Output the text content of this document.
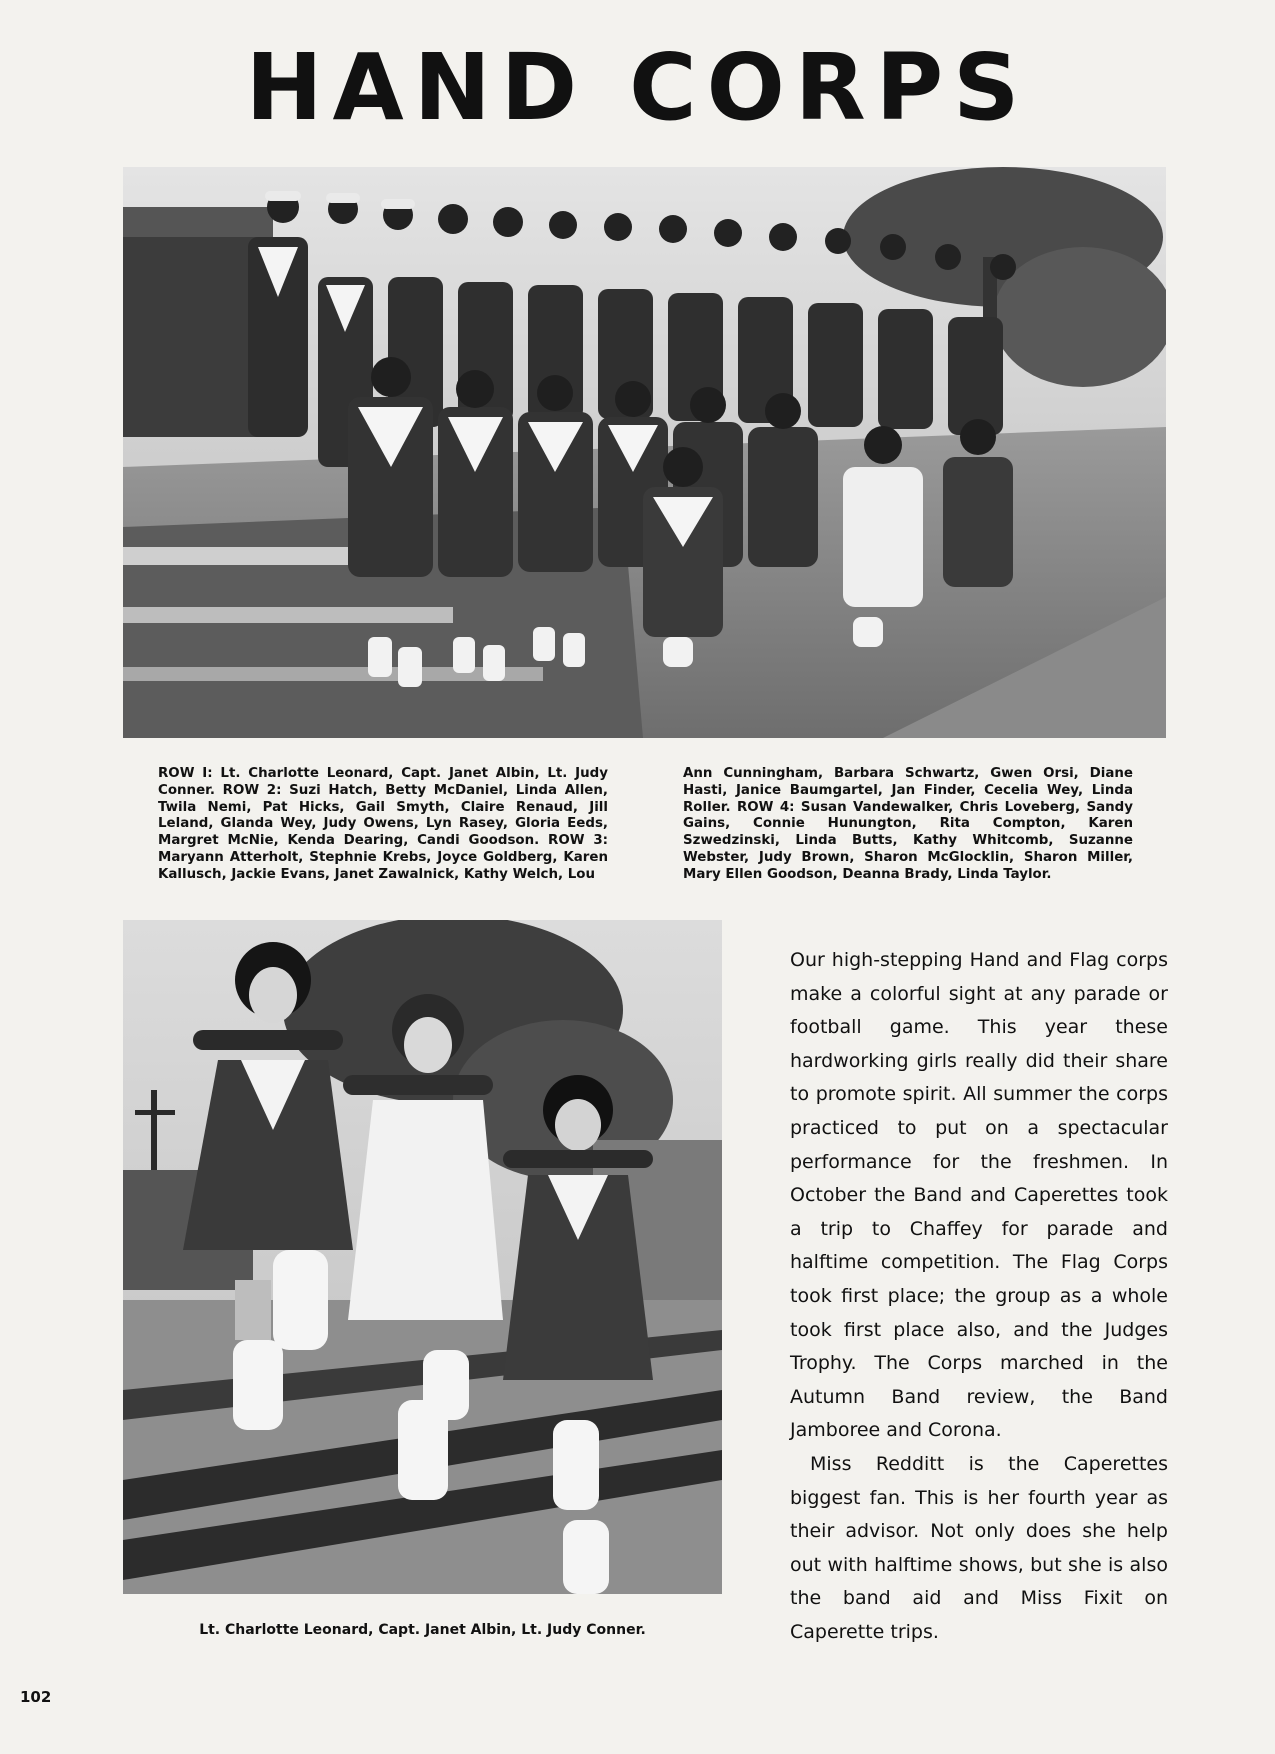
HAND CORPS

ROW I: Lt. Charlotte Leonard, Capt. Janet Albin, Lt. Judy Conner. ROW 2: Suzi Hatch, Betty McDaniel, Linda Allen, Twila Nemi, Pat Hicks, Gail Smyth, Claire Renaud, Jill Leland, Glanda Wey, Judy Owens, Lyn Rasey, Gloria Eeds, Margret McNie, Kenda Dearing, Candi Goodson. ROW 3: Maryann Atterholt, Stephnie Krebs, Joyce Goldberg, Karen Kallusch, Jackie Evans, Janet Zawalnick, Kathy Welch, Lou

Ann Cunningham, Barbara Schwartz, Gwen Orsi, Diane Hasti, Janice Baumgartel, Jan Finder, Cecelia Wey, Linda Roller. ROW 4: Susan Vandewalker, Chris Loveberg, Sandy Gains, Connie Hunungton, Rita Compton, Karen Szwedzinski, Linda Butts, Kathy Whitcomb, Suzanne Webster, Judy Brown, Sharon McGlocklin, Sharon Miller, Mary Ellen Goodson, Deanna Brady, Linda Taylor.

Our high-stepping Hand and Flag corps make a colorful sight at any parade or football game. This year these hardworking girls really did their share to promote spirit. All summer the corps practiced to put on a spectacular performance for the freshmen. In October the Band and Caperettes took a trip to Chaffey for parade and halftime competition. The Flag Corps took first place; the group as a whole took first place also, and the Judges Trophy. The Corps marched in the Autumn Band review, the Band Jamboree and Corona.

Miss Redditt is the Caperettes biggest fan. This is her fourth year as their advisor. Not only does she help out with halftime shows, but she is also the band aid and Miss Fixit on Caperette trips.

Lt. Charlotte Leonard, Capt. Janet Albin, Lt. Judy Conner.

102
